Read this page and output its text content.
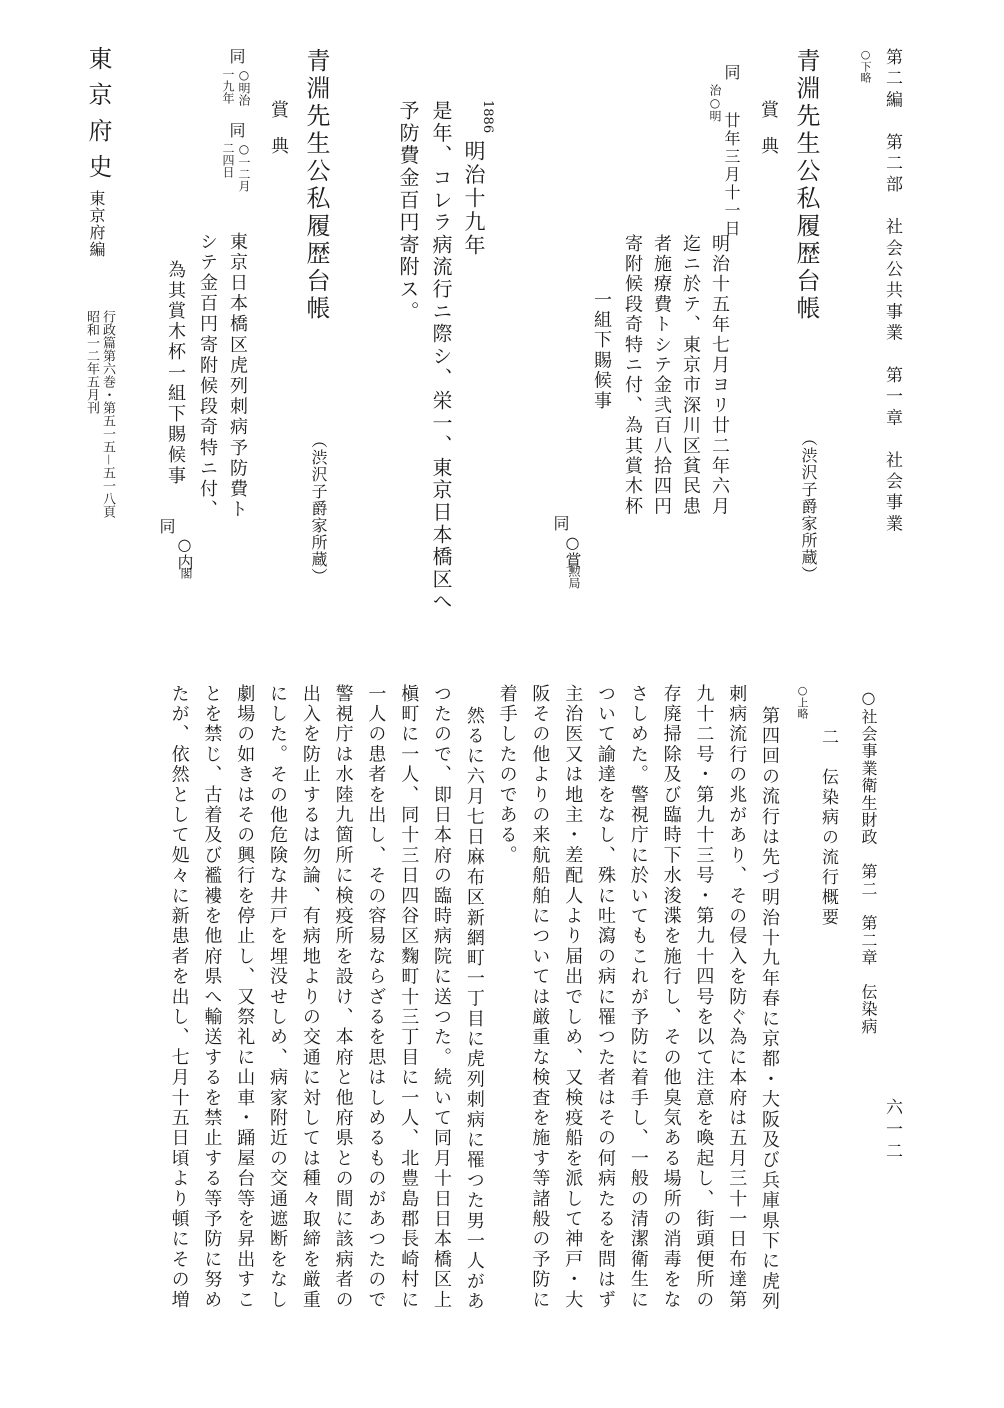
第二編　第二部　社会公共事業　第一章　社会事業
六一二
○下略
青淵先生公私履歴台帳
（渋沢子爵家所蔵）
賞典
同
治○明
廿年三月十一日
明治十五年七月ヨリ廿二年六月
迄ニ於テ、東京市深川区貧民患
者施療費トシテ金弐百八拾四円
寄附候段奇特ニ付、為其賞木杯
一組下賜候事
○賞
同
勲局
1886
明治十九年
是年、コレラ病流行ニ際シ、栄一、東京日本橋区へ
予防費金百円寄附ス。
青淵先生公私履歴台帳
（渋沢子爵家所蔵）
賞典
同
○明治
一九年
同
○一二月
二四日
東京日本橋区虎列刺病予防費ト
シテ金百円寄附候段奇特ニ付、
為其賞木杯一組下賜候事
○内
同
閣
東京府史
東京府編
行政篇第六巻・第五一五－五一八頁
昭和一二年五月刊
○社会事業衛生財政　第二　第二章　伝染病
二　伝染病の流行概要
○上略
第四回の流行は先づ明治十九年春に京都・大阪及び兵庫県下に虎列
刺病流行の兆があり、その侵入を防ぐ為に本府は五月三十一日布達第
九十二号・第九十三号・第九十四号を以て注意を喚起し、街頭便所の
存廃掃除及び臨時下水浚渫を施行し、その他臭気ある場所の消毒をな
さしめた。警視庁に於いてもこれが予防に着手し、一般の清潔衛生に
ついて諭達をなし、殊に吐瀉の病に罹つた者はその何病たるを問はず
主治医又は地主・差配人より届出でしめ、又検疫船を派して神戸・大
阪その他よりの来航船舶については厳重な検査を施す等諸般の予防に
着手したのである。
然るに六月七日麻布区新網町一丁目に虎列刺病に罹つた男一人があ
つたので、即日本府の臨時病院に送つた。続いて同月十日日本橋区上
槇町に一人、同十三日四谷区麴町十三丁目に一人、北豊島郡長崎村に
一人の患者を出し、その容易ならざるを思はしめるものがあつたので
警視庁は水陸九箇所に検疫所を設け、本府と他府県との間に該病者の
出入を防止するは勿論、有病地よりの交通に対しては種々取締を厳重
にした。その他危険な井戸を埋没せしめ、病家附近の交通遮断をなし
劇場の如きはその興行を停止し、又祭礼に山車・踊屋台等を昇出すこ
とを禁じ、古着及び襤褸を他府県へ輸送するを禁止する等予防に努め
たが、依然として処々に新患者を出し、七月十五日頃より頓にその増
